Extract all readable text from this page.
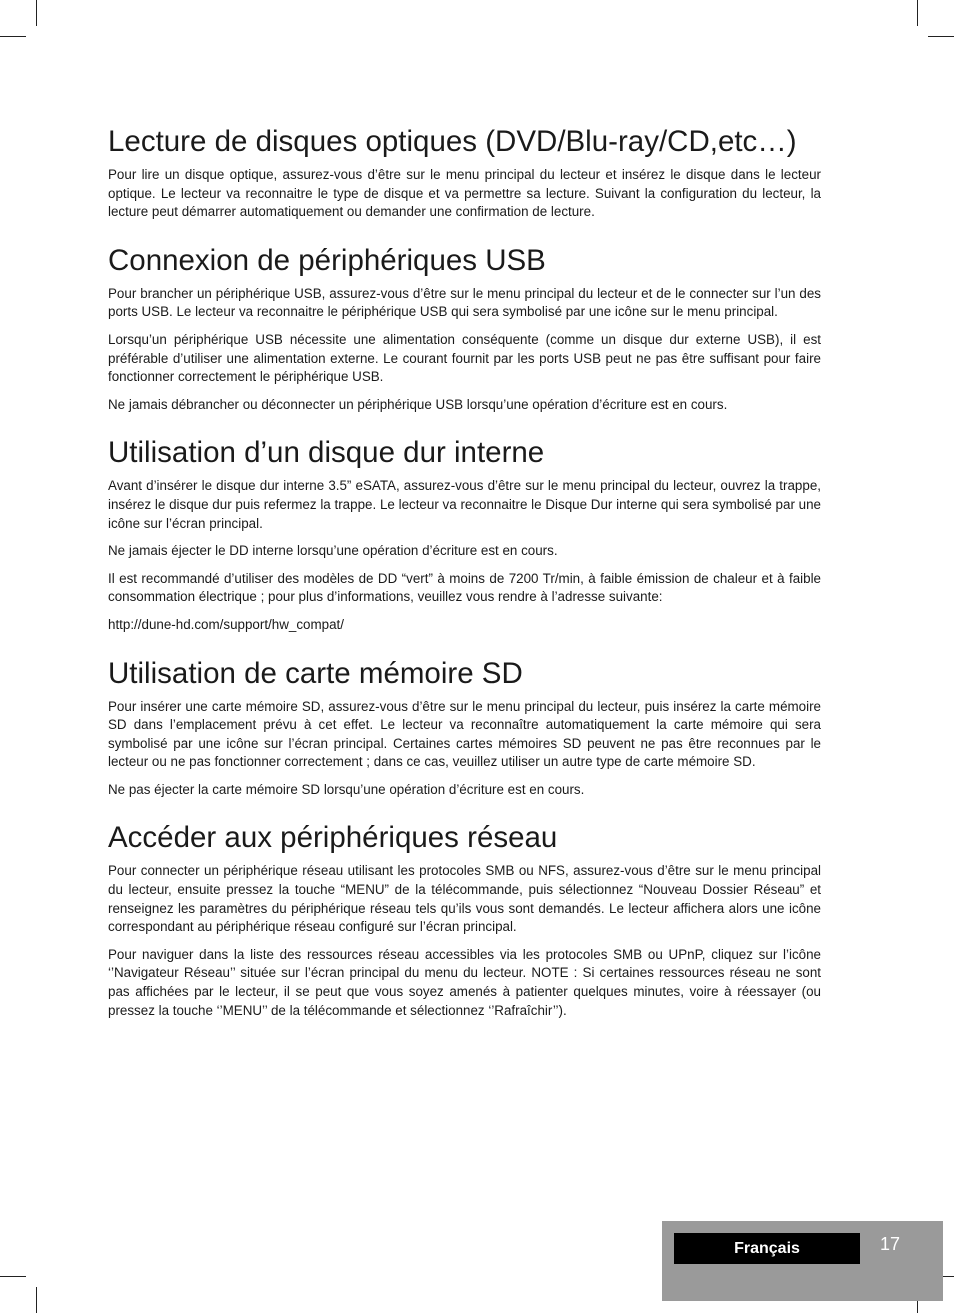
Lecture de disques optiques (DVD/Blu-ray/CD,etc…)

Pour lire un disque optique, assurez-vous d’être sur le menu principal du lecteur et insérez le disque dans le lecteur optique. Le lecteur va reconnaitre le type de disque et va permettre sa lecture. Suivant la configuration du lecteur, la lecture peut démarrer automatiquement ou demander une confirmation de lecture.

Connexion de périphériques USB

Pour brancher un périphérique USB, assurez-vous d’être sur le menu principal du lecteur et de le connecter sur l’un des ports USB. Le lecteur va reconnaitre le périphérique USB qui sera symbolisé par une icône sur le menu principal.

Lorsqu’un périphérique USB nécessite une alimentation conséquente (comme un disque dur externe USB), il est préférable d’utiliser une alimentation externe. Le courant fournit par les ports USB peut ne pas être suffisant pour faire fonctionner correctement le périphérique USB.

Ne jamais débrancher ou déconnecter un périphérique USB lorsqu’une opération d’écriture est en cours.

Utilisation d’un disque dur interne

Avant d’insérer le disque dur interne 3.5” eSATA, assurez-vous d’être sur le menu principal du lecteur, ouvrez la trappe, insérez le disque dur puis refermez la trappe. Le lecteur va reconnaitre le Disque Dur interne qui sera symbolisé par une icône sur l’écran principal.

Ne jamais éjecter le DD interne lorsqu’une opération d’écriture est en cours.

Il est recommandé d’utiliser des modèles de DD “vert” à moins de 7200 Tr/min, à faible émission de chaleur et à faible consommation électrique ; pour plus d’informations, veuillez vous rendre à l’adresse suivante:

http://dune-hd.com/support/hw_compat/

Utilisation de carte mémoire SD

Pour insérer une carte mémoire SD, assurez-vous d’être sur le menu principal du lecteur, puis insérez la carte mémoire SD dans l’emplacement prévu à cet effet. Le lecteur va reconnaître automatiquement la carte mémoire qui sera symbolisé par une icône sur l’écran principal. Certaines cartes mémoires SD peuvent ne pas être reconnues par le lecteur ou ne pas fonctionner correctement ; dans ce cas, veuillez utiliser un autre type de carte mémoire SD.

Ne pas éjecter la carte mémoire SD lorsqu’une opération d’écriture est en cours.

Accéder aux périphériques réseau

Pour connecter un périphérique réseau utilisant les protocoles SMB ou NFS, assurez-vous d’être sur le menu principal du lecteur, ensuite pressez la touche “MENU” de la télécommande, puis sélectionnez “Nouveau Dossier Réseau” et renseignez les paramètres du périphérique réseau tels qu’ils vous sont demandés. Le lecteur affichera alors une icône correspondant au périphérique réseau configuré sur l’écran principal.

Pour naviguer dans la liste des ressources réseau accessibles via les protocoles SMB ou UPnP, cliquez sur l’icône ‘’Navigateur Réseau’’ située sur l’écran principal du menu du lecteur. NOTE : Si certaines ressources réseau ne sont pas affichées par le lecteur, il se peut que vous soyez amenés à patienter quelques minutes, voire à réessayer (ou pressez la touche ‘’MENU’’ de la télécommande et sélectionnez ‘’Rafraîchir’’).

Français	17
